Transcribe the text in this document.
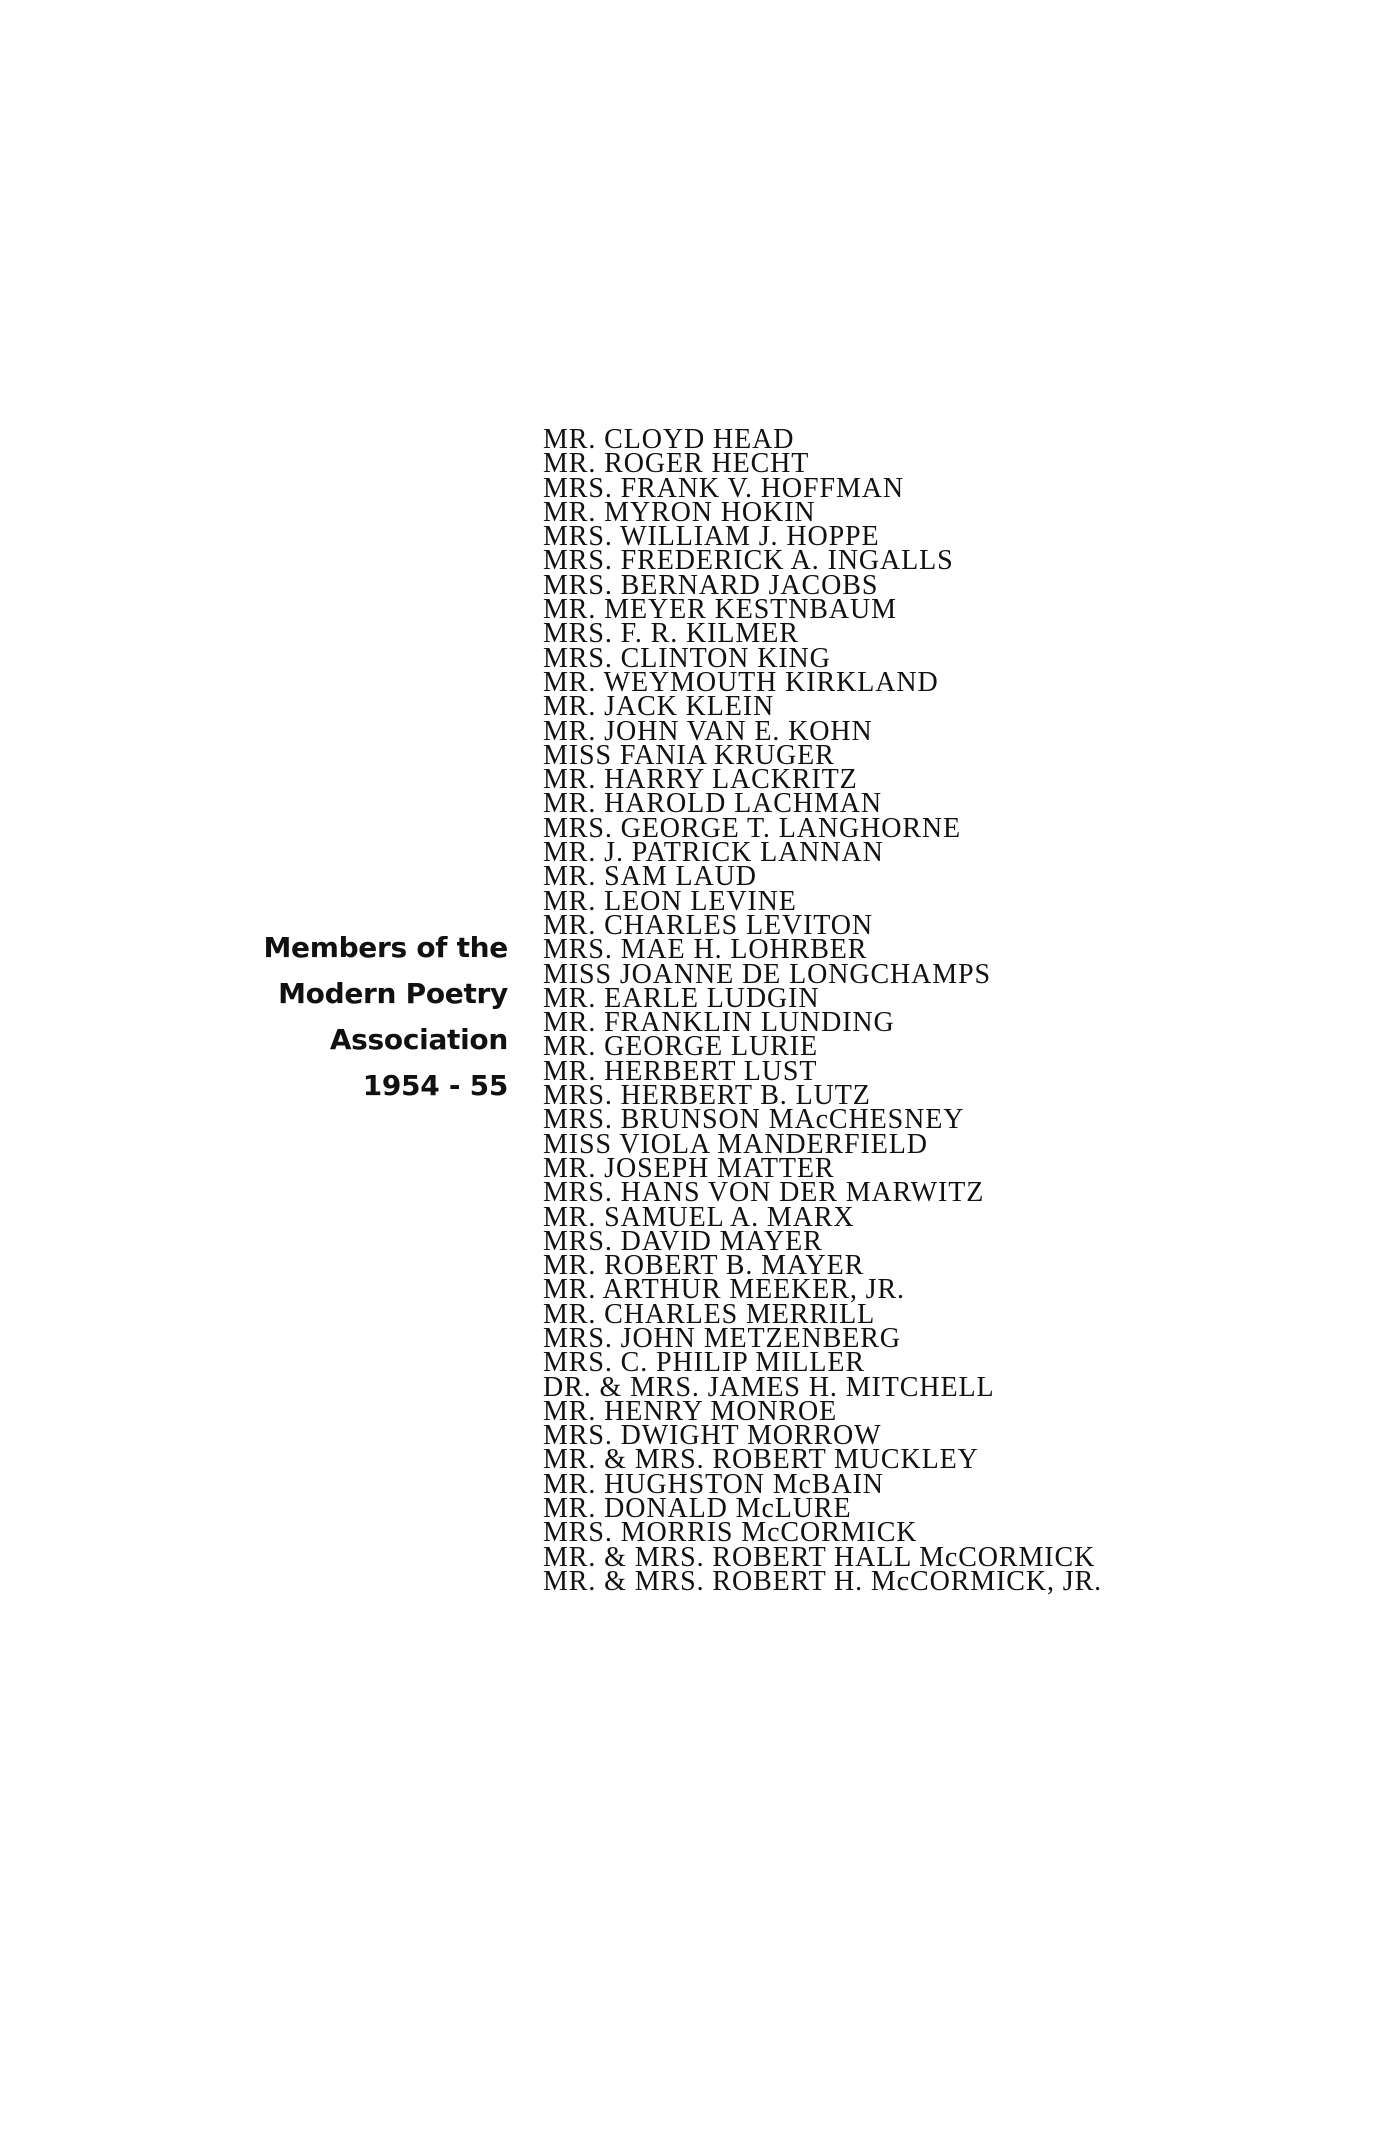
Members of the
Modern Poetry
Association
1954 - 55
MR. CLOYD HEAD
MR. ROGER HECHT
MRS. FRANK V. HOFFMAN
MR. MYRON HOKIN
MRS. WILLIAM J. HOPPE
MRS. FREDERICK A. INGALLS
MRS. BERNARD JACOBS
MR. MEYER KESTNBAUM
MRS. F. R. KILMER
MRS. CLINTON KING
MR. WEYMOUTH KIRKLAND
MR. JACK KLEIN
MR. JOHN VAN E. KOHN
MISS FANIA KRUGER
MR. HARRY LACKRITZ
MR. HAROLD LACHMAN
MRS. GEORGE T. LANGHORNE
MR. J. PATRICK LANNAN
MR. SAM LAUD
MR. LEON LEVINE
MR. CHARLES LEVITON
MRS. MAE H. LOHRBER
MISS JOANNE DE LONGCHAMPS
MR. EARLE LUDGIN
MR. FRANKLIN LUNDING
MR. GEORGE LURIE
MR. HERBERT LUST
MRS. HERBERT B. LUTZ
MRS. BRUNSON MAcCHESNEY
MISS VIOLA MANDERFIELD
MR. JOSEPH MATTER
MRS. HANS VON DER MARWITZ
MR. SAMUEL A. MARX
MRS. DAVID MAYER
MR. ROBERT B. MAYER
MR. ARTHUR MEEKER, JR.
MR. CHARLES MERRILL
MRS. JOHN METZENBERG
MRS. C. PHILIP MILLER
DR. & MRS. JAMES H. MITCHELL
MR. HENRY MONROE
MRS. DWIGHT MORROW
MR. & MRS. ROBERT MUCKLEY
MR. HUGHSTON McBAIN
MR. DONALD McLURE
MRS. MORRIS McCORMICK
MR. & MRS. ROBERT HALL McCORMICK
MR. & MRS. ROBERT H. McCORMICK, JR.
